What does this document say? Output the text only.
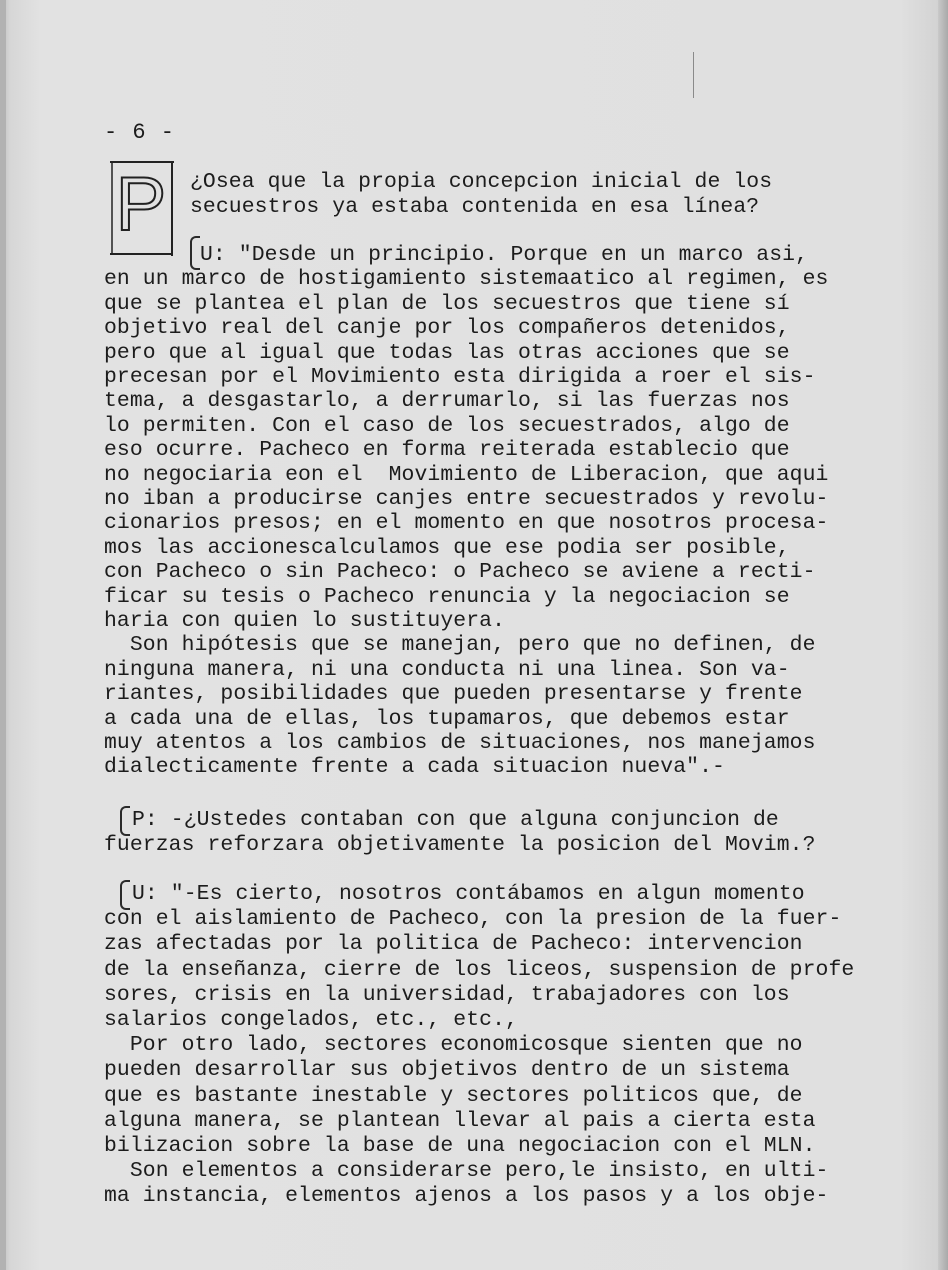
- 6 -
P ¿Osea que la propia concepcion inicial de los
secuestros ya estaba contenida en esa línea?
U: "Desde un principio. Porque en un marco asi,
en un marco de hostigamiento sistemaatico al regimen, es
que se plantea el plan de los secuestros que tiene sí
objetivo real del canje por los compañeros detenidos,
pero que al igual que todas las otras acciones que se
precesan por el Movimiento esta dirigida a roer el sis-
tema, a desgastarlo, a derrumarlo, si las fuerzas nos
lo permiten. Con el caso de los secuestrados, algo de
eso ocurre. Pacheco en forma reiterada establecio que
no negociaria eon el  Movimiento de Liberacion, que aqui
no iban a producirse canjes entre secuestrados y revolu-
cionarios presos; en el momento en que nosotros procesa-
mos las accionescalculamos que ese podia ser posible,
con Pacheco o sin Pacheco: o Pacheco se aviene a recti-
ficar su tesis o Pacheco renuncia y la negociacion se
haria con quien lo sustituyera.
Son hipótesis que se manejan, pero que no definen, de
ninguna manera, ni una conducta ni una linea. Son va-
riantes, posibilidades que pueden presentarse y frente
a cada una de ellas, los tupamaros, que debemos estar
muy atentos a los cambios de situaciones, nos manejamos
dialecticamente frente a cada situacion nueva".-
P: -¿Ustedes contaban con que alguna conjuncion de
fuerzas reforzara objetivamente la posicion del Movim.?
U: "-Es cierto, nosotros contábamos en algun momento
con el aislamiento de Pacheco, con la presion de la fuer-
zas afectadas por la politica de Pacheco: intervencion
de la enseñanza, cierre de los liceos, suspension de profe
sores, crisis en la universidad, trabajadores con los
salarios congelados, etc., etc.,
Por otro lado, sectores economicosque sienten que no
pueden desarrollar sus objetivos dentro de un sistema
que es bastante inestable y sectores politicos que, de
alguna manera, se plantean llevar al pais a cierta esta
bilizacion sobre la base de una negociacion con el MLN.
Son elementos a considerarse pero,le insisto, en ulti-
ma instancia, elementos ajenos a los pasos y a los obje-
